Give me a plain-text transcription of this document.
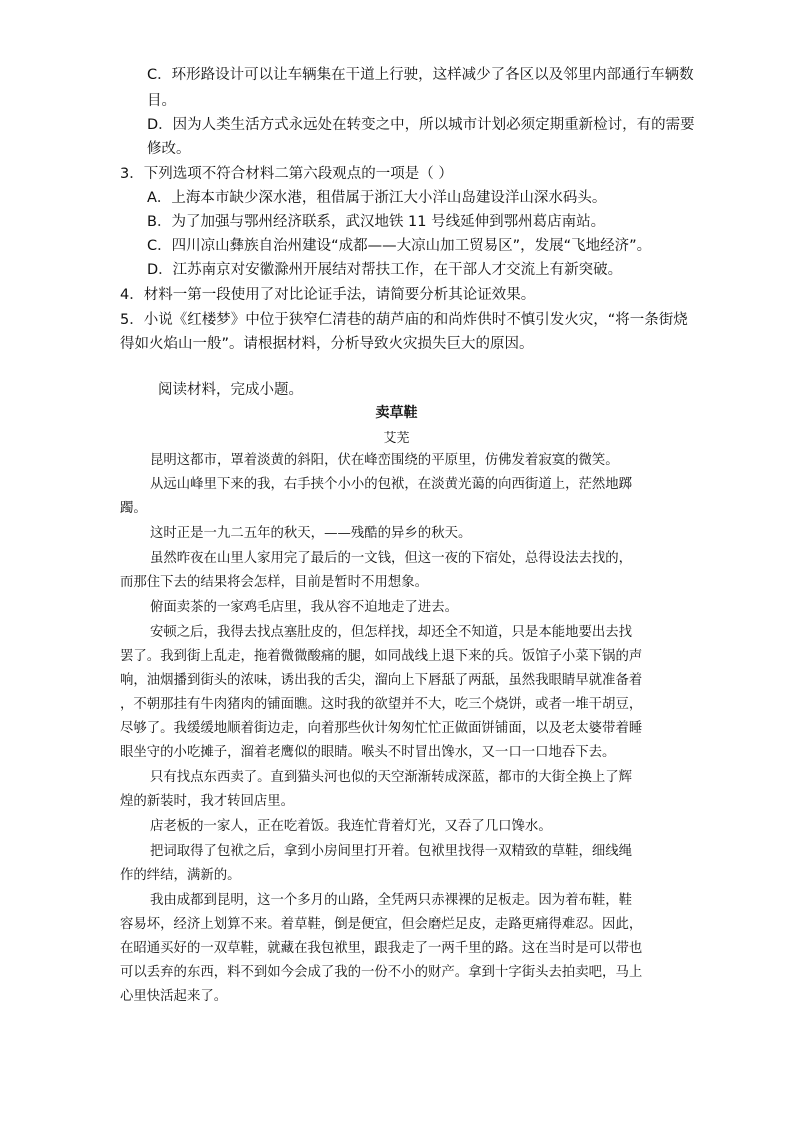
C．环形路设计可以让车辆集在干道上行驶，这样减少了各区以及邻里内部通行车辆数
目。
D．因为人类生活方式永远处在转变之中，所以城市计划必须定期重新检讨，有的需要
修改。
3．下列选项不符合材料二第六段观点的一项是（ ）
A．上海本市缺少深水港，租借属于浙江大小洋山岛建设洋山深水码头。
B．为了加强与鄂州经济联系，武汉地铁 11 号线延伸到鄂州葛店南站。
C．四川凉山彝族自治州建设“成都——大凉山加工贸易区”，发展“飞地经济”。
D．江苏南京对安徽滁州开展结对帮扶工作，在干部人才交流上有新突破。
4．材料一第一段使用了对比论证手法，请简要分析其论证效果。
5．小说《红楼梦》中位于狭窄仁清巷的葫芦庙的和尚炸供时不慎引发火灾，“将一条街烧
得如火焰山一般”。请根据材料，分析导致火灾损失巨大的原因。
阅读材料，完成小题。
卖草鞋
艾芜
昆明这都市，罩着淡黄的斜阳，伏在峰峦围绕的平原里，仿佛发着寂寞的微笑。
从远山峰里下来的我，右手挟个小小的包袱，在淡黄光蔼的向西街道上，茫然地踯
躅。
这时正是一九二五年的秋天，——残酷的异乡的秋天。
虽然昨夜在山里人家用完了最后的一文钱，但这一夜的下宿处，总得设法去找的，
而那住下去的结果将会怎样，目前是暂时不用想象。
俯面卖茶的一家鸡毛店里，我从容不迫地走了进去。
安顿之后，我得去找点塞肚皮的，但怎样找，却还全不知道，只是本能地要出去找
罢了。我到街上乱走，拖着微微酸痛的腿，如同战线上退下来的兵。饭馆子小菜下锅的声
响，油烟播到街头的浓味，诱出我的舌尖，溜向上下唇舐了两舐，虽然我眼睛早就准备着
，不朝那挂有牛肉猪肉的铺面瞧。这时我的欲望并不大，吃三个烧饼，或者一堆干胡豆，
尽够了。我缓缓地顺着街边走，向着那些伙计匆匆忙忙正做面饼铺面，以及老太婆带着睡
眼坐守的小吃摊子，溜着老鹰似的眼睛。喉头不时冒出馋水，又一口一口地吞下去。
只有找点东西卖了。直到猫头河也似的天空渐渐转成深蓝，都市的大街全换上了辉
煌的新装时，我才转回店里。
店老板的一家人，正在吃着饭。我连忙背着灯光，又吞了几口馋水。
把词取得了包袱之后，拿到小房间里打开着。包袱里找得一双精致的草鞋，细线绳
作的绊结，满新的。
我由成都到昆明，这一个多月的山路，全凭两只赤裸裸的足板走。因为着布鞋，鞋
容易坏，经济上划算不来。着草鞋，倒是便宜，但会磨烂足皮，走路更痛得难忍。因此，
在昭通买好的一双草鞋，就藏在我包袱里，跟我走了一两千里的路。这在当时是可以带也
可以丢弃的东西，料不到如今会成了我的一份不小的财产。拿到十字街头去拍卖吧，马上
心里快活起来了。
